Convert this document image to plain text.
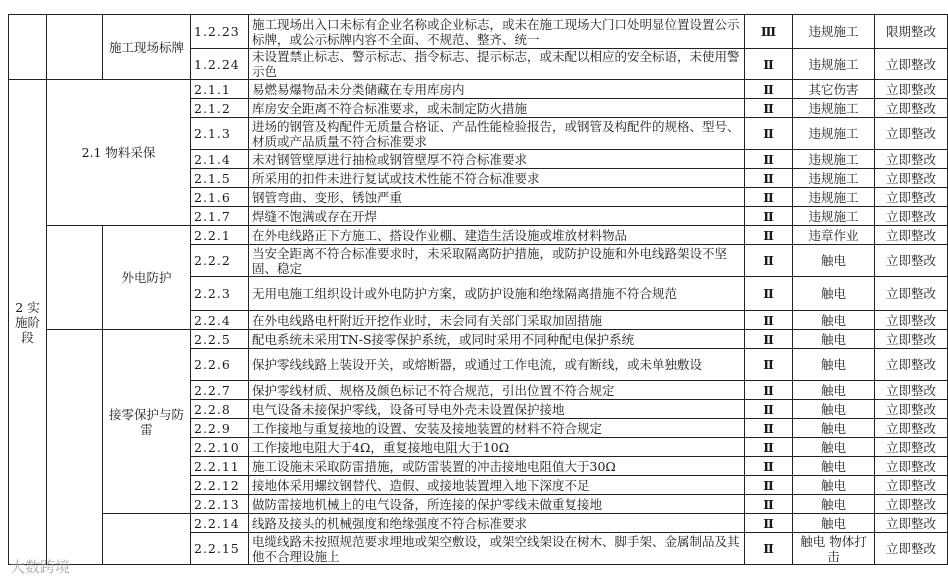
		施工现场标牌	1.2.23	施工现场出入口未标有企业名称或企业标志，或未在施工现场大门口处明显位置设置公示标牌，或公示标牌内容不全面、不规范、整齐、统一	Ⅲ	违规施工	限期整改
			1.2.24	未设置禁止标志、警示标志、指令标志、提示标志，或未配以相应的安全标语，未使用警示色	Ⅱ	违规施工	立即整改
2 实施阶段	2.1 物料采保		2.1.1	易燃易爆物品未分类储藏在专用库房内	Ⅱ	其它伤害	立即整改
			2.1.2	库房安全距离不符合标准要求，或未制定防火措施	Ⅱ	违规施工	立即整改
			2.1.3	进场的钢管及构配件无质量合格证、产品性能检验报告，或钢管及构配件的规格、型号、材质或产品质量不符合标准要求	Ⅱ	违规施工	立即整改
			2.1.4	未对钢管壁厚进行抽检或钢管壁厚不符合标准要求	Ⅱ	违规施工	立即整改
			2.1.5	所采用的扣件未进行复试或技术性能不符合标准要求	Ⅱ	违规施工	立即整改
			2.1.6	钢管弯曲、变形、锈蚀严重	Ⅱ	违规施工	立即整改
			2.1.7	焊缝不饱满或存在开焊	Ⅱ	违规施工	立即整改
		外电防护	2.2.1	在外电线路正下方施工、搭设作业棚、建造生活设施或堆放材料物品	Ⅱ	违章作业	立即整改
			2.2.2	当安全距离不符合标准要求时，未采取隔离防护措施，或防护设施和外电线路架设不坚固、稳定	Ⅱ	触电	立即整改
			2.2.3	无用电施工组织设计或外电防护方案，或防护设施和绝缘隔离措施不符合规范	Ⅱ	触电	立即整改
			2.2.4	在外电线路电杆附近开挖作业时，未会同有关部门采取加固措施	Ⅱ	触电	立即整改
		接零保护与防雷	2.2.5	配电系统未采用TN-S接零保护系统，或同时采用不同种配电保护系统	Ⅱ	触电	立即整改
			2.2.6	保护零线线路上装设开关，或熔断器，或通过工作电流，或有断线，或未单独敷设	Ⅱ	触电	立即整改
			2.2.7	保护零线材质、规格及颜色标记不符合规范，引出位置不符合规定	Ⅱ	触电	立即整改
			2.2.8	电气设备未接保护零线，设备可导电外壳未设置保护接地	Ⅱ	触电	立即整改
			2.2.9	工作接地与重复接地的设置、安装及接地装置的材料不符合规定	Ⅱ	触电	立即整改
			2.2.10	工作接地电阻大于4Ω，重复接地电阻大于10Ω	Ⅱ	触电	立即整改
			2.2.11	施工设施未采取防雷措施，或防雷装置的冲击接地电阻值大于30Ω	Ⅱ	触电	立即整改
			2.2.12	接地体采用螺纹钢替代、造假、或接地装置埋入地下深度不足	Ⅱ	触电	立即整改
			2.2.13	做防雷接地机械上的电气设备，所连接的保护零线未做重复接地	Ⅱ	触电	立即整改
			2.2.14	线路及接头的机械强度和绝缘强度不符合标准要求	Ⅱ	触电	立即整改
			2.2.15	电缆线路未按照规范要求埋地或架空敷设，或架空线架设在树木、脚手架、金属制品及其他不合理设施上	Ⅱ	触电 物体打击	立即整改
大数跨境
